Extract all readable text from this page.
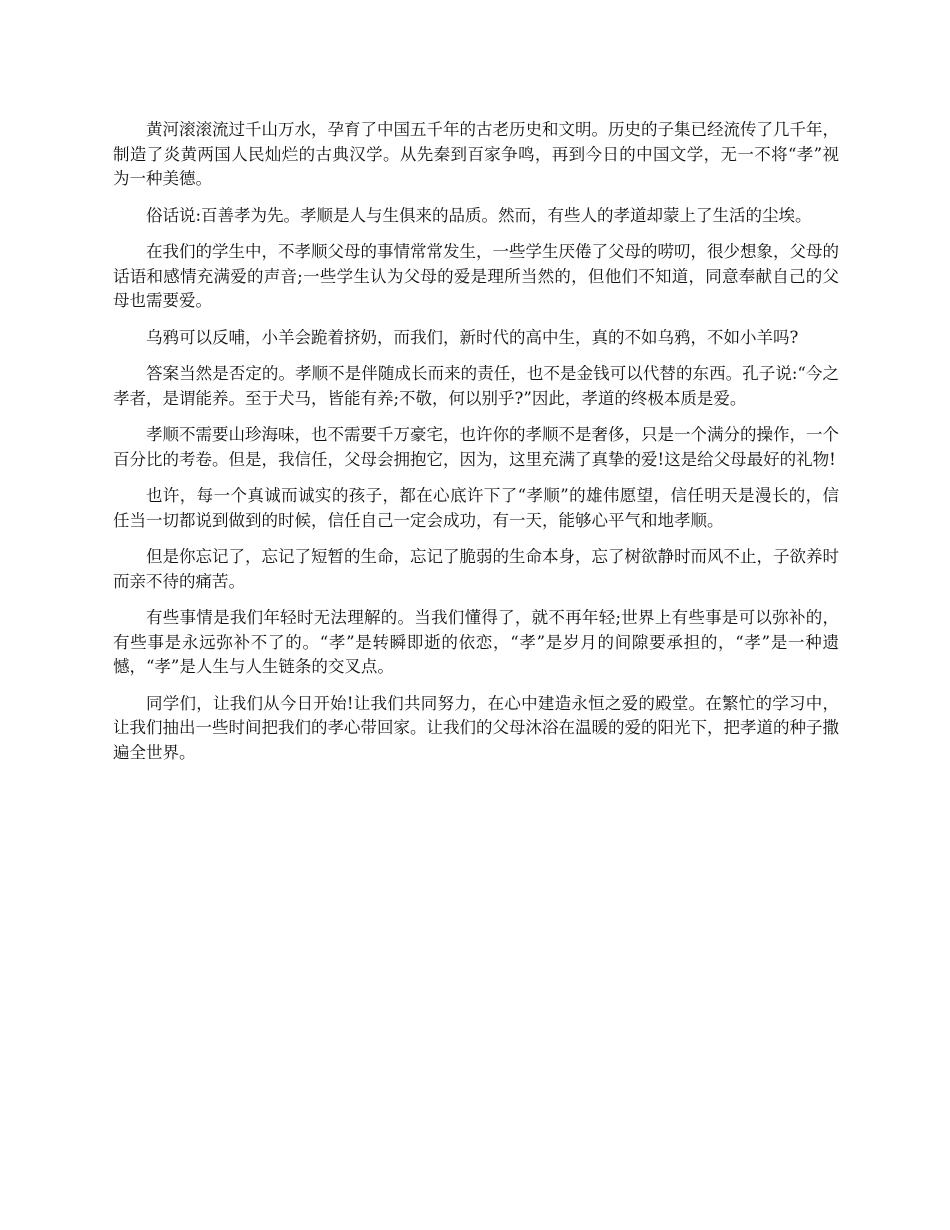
黄河滚滚流过千山万水，孕育了中国五千年的古老历史和文明。历史的子集已经流传了几千年，制造了炎黄两国人民灿烂的古典汉学。从先秦到百家争鸣，再到今日的中国文学，无一不将“孝”视为一种美德。

俗话说:百善孝为先。孝顺是人与生俱来的品质。然而，有些人的孝道却蒙上了生活的尘埃。

在我们的学生中，不孝顺父母的事情常常发生，一些学生厌倦了父母的唠叨，很少想象，父母的话语和感情充满爱的声音;一些学生认为父母的爱是理所当然的，但他们不知道，同意奉献自己的父母也需要爱。

乌鸦可以反哺，小羊会跪着挤奶，而我们，新时代的高中生，真的不如乌鸦，不如小羊吗?

答案当然是否定的。孝顺不是伴随成长而来的责任，也不是金钱可以代替的东西。孔子说:“今之孝者，是谓能养。至于犬马，皆能有养;不敬，何以别乎?”因此，孝道的终极本质是爱。

孝顺不需要山珍海味，也不需要千万豪宅，也许你的孝顺不是奢侈，只是一个满分的操作，一个百分比的考卷。但是，我信任，父母会拥抱它，因为，这里充满了真挚的爱!这是给父母最好的礼物!

也许，每一个真诚而诚实的孩子，都在心底许下了“孝顺”的雄伟愿望，信任明天是漫长的，信任当一切都说到做到的时候，信任自己一定会成功，有一天，能够心平气和地孝顺。

但是你忘记了，忘记了短暂的生命，忘记了脆弱的生命本身，忘了树欲静时而风不止，子欲养时而亲不待的痛苦。

有些事情是我们年轻时无法理解的。当我们懂得了，就不再年轻;世界上有些事是可以弥补的，有些事是永远弥补不了的。“孝”是转瞬即逝的依恋，“孝”是岁月的间隙要承担的，“孝”是一种遗憾，“孝”是人生与人生链条的交叉点。

同学们，让我们从今日开始!让我们共同努力，在心中建造永恒之爱的殿堂。在繁忙的学习中，让我们抽出一些时间把我们的孝心带回家。让我们的父母沐浴在温暖的爱的阳光下，把孝道的种子撒遍全世界。
